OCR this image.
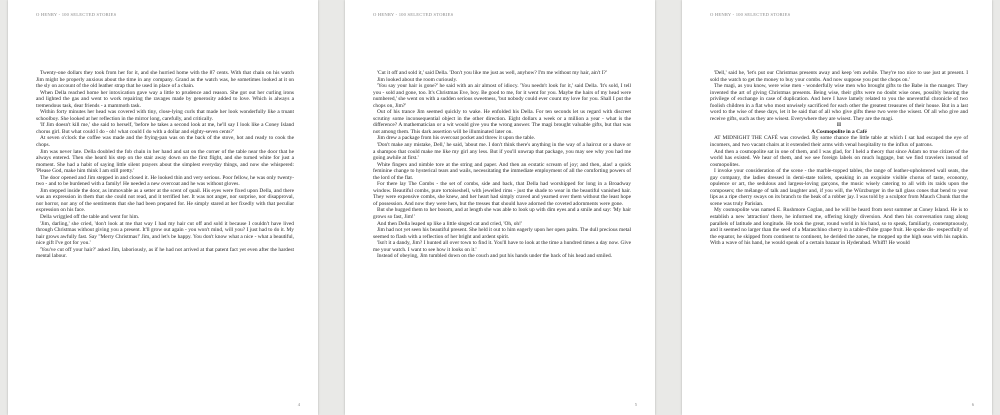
O HENRY - 100 SELECTED STORIES

Twenty-one dollars they took from her for it, and she hurried home with the 87 cents. With that chain on his watch Jim might be properly anxious about the time in any company. Grand as the watch was, he sometimes looked at it on the sly on account of the old leather strap that he used in place of a chain.

When Della reached home her intoxication gave way a little to prudence and reason. She got out her curling irons and lighted the gas and went to work repairing the ravages made by generosity added to love. Which is always a tremendous task, dear friends - a mammoth task.

Within forty minutes her head was covered with tiny, close-lying curls that made her look wonderfully like a truant schoolboy. She looked at her reflection in the mirror long, carefully, and critically.

'If Jim doesn't kill me,' she said to herself, 'before he takes a second look at me, he'll say I look like a Coney Island chorus girl. But what could I do - oh! what could I do with a dollar and eighty-seven cents?'

At seven o'clock the coffee was made and the frying-pan was on the back of the stove, hot and ready to cook the chops.

Jim was never late. Della doubled the fob chain in her hand and sat on the corner of the table near the door that he always entered. Then she heard his step on the stair away down on the first flight, and she turned white for just a moment. She had a habit of saying little silent prayers about the simplest everyday things, and now she whispered: 'Please God, make him think I am still pretty.'

The door opened and Jim stepped in and closed it. He looked thin and very serious. Poor fellow, he was only twenty-two - and to be burdened with a family! He needed a new overcoat and he was without gloves.

Jim stepped inside the door, as immovable as a setter at the scent of quail. His eyes were fixed upon Della, and there was an expression in them that she could not read, and it terrified her. It was not anger, nor surprise, nor disapproval, nor horror, nor any of the sentiments that she had been prepared for. He simply stared at her fixedly with that peculiar expression on his face.

Della wriggled off the table and went for him.

'Jim, darling,' she cried, 'don't look at me that way I had my hair cut off and sold it because I couldn't have lived through Christmas without giving you a present. It'll grow out again - you won't mind, will you? I just had to do it. My hair grows awfully fast. Say "Merry Christmas!' Jim, and let's be happy. You don't know what a nice - what a beautiful, nice gift I've got for you.'

'You've cut off your hair?' asked Jim, laboriously, as if he had not arrived at that patent fact yet even after the hardest mental labour.

4
O HENRY - 100 SELECTED STORIES

'Cut it off and sold it,' said Della. 'Don't you like me just as well, anyhow? I'm me without my hair, ain't I?'

Jim looked about the room curiously.

'You say your hair is gone?' he said with an air almost of idiocy. 'You needn't look for it,' said Della. 'It's sold, I tell you - sold and gone, too. It's Christmas Eve, boy. Be good to me, for it went for you. Maybe the hairs of my head were numbered,' she went on with a sudden serious sweetness, 'but nobody could ever count my love for you. Shall I put the chops on, Jim?'

Out of his trance Jim seemed quickly to wake. He enfolded his Della. For ten seconds let us regard with discreet scrutiny some inconsequential object in the other direction. Eight dollars a week or a million a year - what is the difference? A mathematician or a wit would give you the wrong answer. The magi brought valuable gifts, but that was not among them. This dark assertion will be illuminated later on.

Jim drew a package from his overcoat pocket and threw it upon the table.

'Don't make any mistake, Dell,' he said, 'about me. I don't think there's anything in the way of a haircut or a shave or a shampoo that could make me like my girl any less. But if you'll unwrap that package, you may see why you had me going awhile at first.'

White fingers and nimble tore at the string and paper. And then an ecstatic scream of joy; and then, alas! a quick feminine change to hysterical tears and wails, necessitating the immediate employment of all the comforting powers of the lord of the flat.

For there lay The Combs - the set of combs, side and back, that Della had worshipped for long in a Broadway window. Beautiful combs, pure tortoiseshell, with jewelled rims - just the shade to wear in the beautiful vanished hair. They were expensive combs, she knew, and her heart had simply craved and yearned over them without the least hope of possession. And now they were hers, but the tresses that should have adorned the coveted adornments were gone.

But she hugged them to her bosom, and at length she was able to look up with dim eyes and a smile and say: 'My hair grows so fast, Jim!'

And then Della leaped up like a little singed cat and cried, 'Oh, oh!'

Jim had not yet seen his beautiful present. She held it out to him eagerly upon her open palm. The dull precious metal seemed to flash with a reflection of her bright and ardent spirit.

'Isn't it a dandy, Jim? I hunted all over town to find it. You'll have to look at the time a hundred times a day now. Give me your watch. I want to see how it looks on it.'

Instead of obeying, Jim tumbled down on the couch and put his hands under the back of his head and smiled.

5
O HENRY - 100 SELECTED STORIES

'Dell,' said he, 'let's put our Christmas presents away and keep 'em awhile. They're too nice to use just at present. I sold the watch to get the money to buy your combs. And now suppose you put the chops on.'

The magi, as you know, were wise men - wonderfully wise men who brought gifts to the Babe in the manger. They invented the art of giving Christmas presents. Being wise, their gifts were no doubt wise ones, possibly bearing the privilege of exchange in case of duplication. And here I have lamely related to you the uneventful chronicle of two foolish children in a flat who most unwisely sacrificed for each other the greatest treasures of their house. But in a last word to the wise of these days, let it be said that of all who give gifts these two were the wisest. Of all who give and receive gifts, such as they are wisest. Everywhere they are wisest. They are the magi.

II

A Cosmopolite in a Café

AT MIDNIGHT THE CAFÉ was crowded. By some chance the little table at which I sat had escaped the eye of incomers, and two vacant chairs at it extended their arms with venal hospitality to the influx of patrons.

And then a cosmopolite sat in one of them, and I was glad, for I held a theory that since Adam no true citizen of the world has existed. We hear of them, and we see foreign labels on much luggage, but we find travelers instead of cosmopolites.

I invoke your consideration of the scene - the marble-topped tables, the range of leather-upholstered wall seats, the gay company, the ladies dressed in demi-state toilets, speaking in an exquisite visible chorus of taste, economy, opulence or art, the sedulous and largess-loving garçons, the music wisely catering to all with its raids upon the composers; the mélange of talk and laughter and, if you will, the Würzburger in the tall glass cones that bend to your lips as a ripe cherry sways on its branch to the beak of a robber jay. I was told by a sculptor from Mauch Chunk that the scene was truly Parisian.

My cosmopolite was named E. Rushmore Coglan, and he will be heard from next summer at Coney Island. He is to establish a new 'attraction' there, he informed me, offering kingly diversion. And then his conversation rang along parallels of latitude and longitude. He took the great, round world in his hand, so to speak, familiarly, contemptuously, and it seemed no larger than the seed of a Maraschino cherry in a table-d'hôte grape fruit. He spoke dis- respectfully of the equator, he skipped from continent to continent, he derided the zones, he mopped up the high seas with his napkin. With a wave of his hand, he would speak of a certain bazaar in Hyderabad. Whiff! He would

6
